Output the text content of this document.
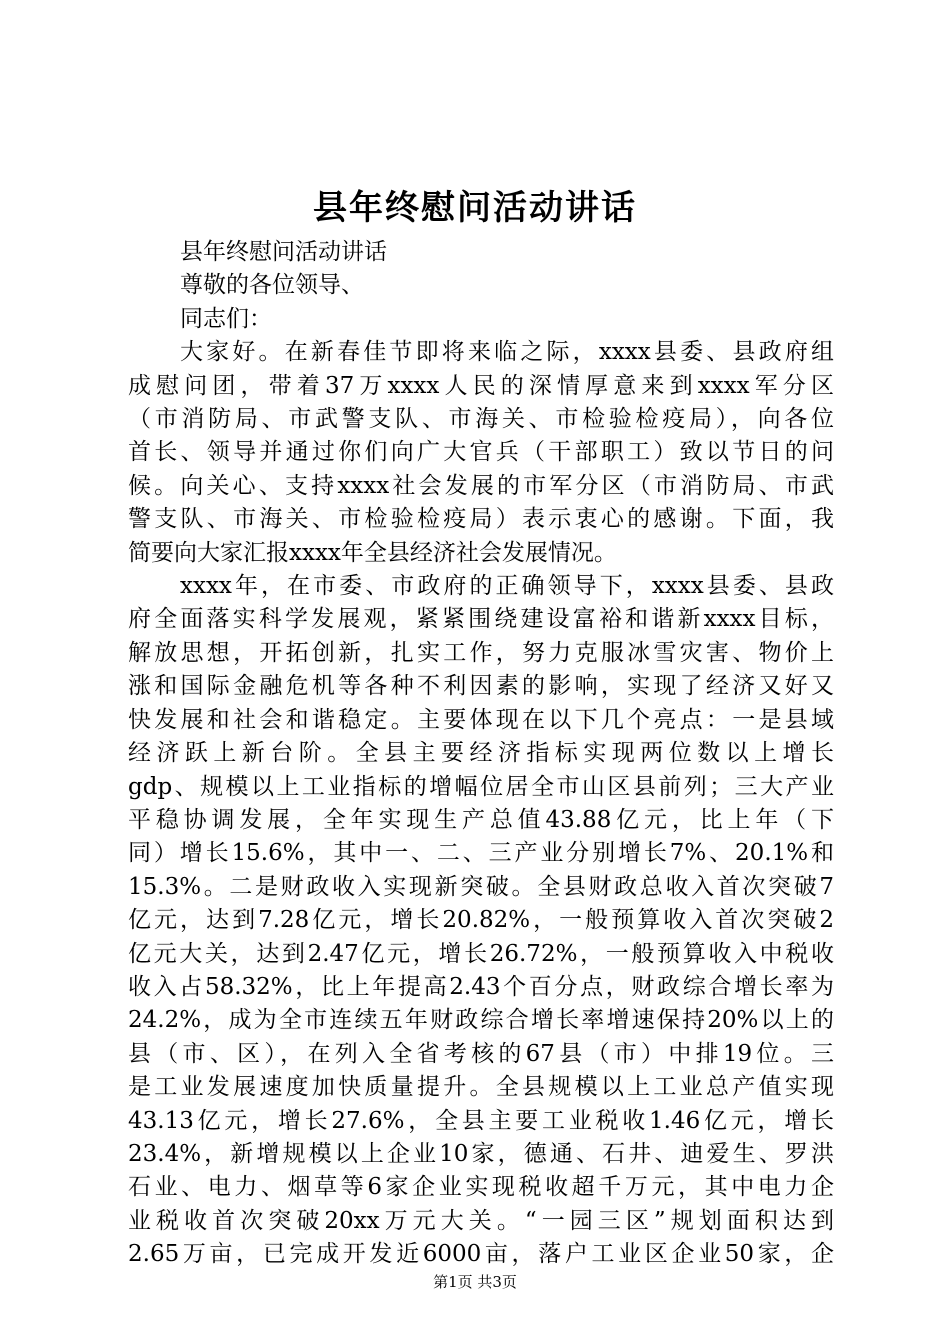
县年终慰问活动讲话
县年终慰问活动讲话
尊敬的各位领导、
同志们：
大家好。在新春佳节即将来临之际，xxxx县委、县政府组
成慰问团，带着37万xxxx人民的深情厚意来到xxxx军分区
（市消防局、市武警支队、市海关、市检验检疫局），向各位
首长、领导并通过你们向广大官兵（干部职工）致以节日的问
候。向关心、支持xxxx社会发展的市军分区（市消防局、市武
警支队、市海关、市检验检疫局）表示衷心的感谢。下面，我
简要向大家汇报xxxx年全县经济社会发展情况。
xxxx年，在市委、市政府的正确领导下，xxxx县委、县政
府全面落实科学发展观，紧紧围绕建设富裕和谐新xxxx目标，
解放思想，开拓创新，扎实工作，努力克服冰雪灾害、物价上
涨和国际金融危机等各种不利因素的影响，实现了经济又好又
快发展和社会和谐稳定。主要体现在以下几个亮点：一是县域
经济跃上新台阶。全县主要经济指标实现两位数以上增长
gdp、规模以上工业指标的增幅位居全市山区县前列；三大产业
平稳协调发展，全年实现生产总值43.88亿元，比上年（下
同）增长15.6%，其中一、二、三产业分别增长7%、20.1%和
15.3%。二是财政收入实现新突破。全县财政总收入首次突破7
亿元，达到7.28亿元，增长20.82%，一般预算收入首次突破2
亿元大关，达到2.47亿元，增长26.72%，一般预算收入中税收
收入占58.32%，比上年提高2.43个百分点，财政综合增长率为
24.2%，成为全市连续五年财政综合增长率增速保持20%以上的
县（市、区），在列入全省考核的67县（市）中排19位。三
是工业发展速度加快质量提升。全县规模以上工业总产值实现
43.13亿元，增长27.6%，全县主要工业税收1.46亿元，增长
23.4%，新增规模以上企业10家，德通、石井、迪爱生、罗洪
石业、电力、烟草等6家企业实现税收超千万元，其中电力企
业税收首次突破20xx万元大关。“一园三区”规划面积达到
2.65万亩，已完成开发近6000亩，落户工业区企业50家，企
第1页 共3页
